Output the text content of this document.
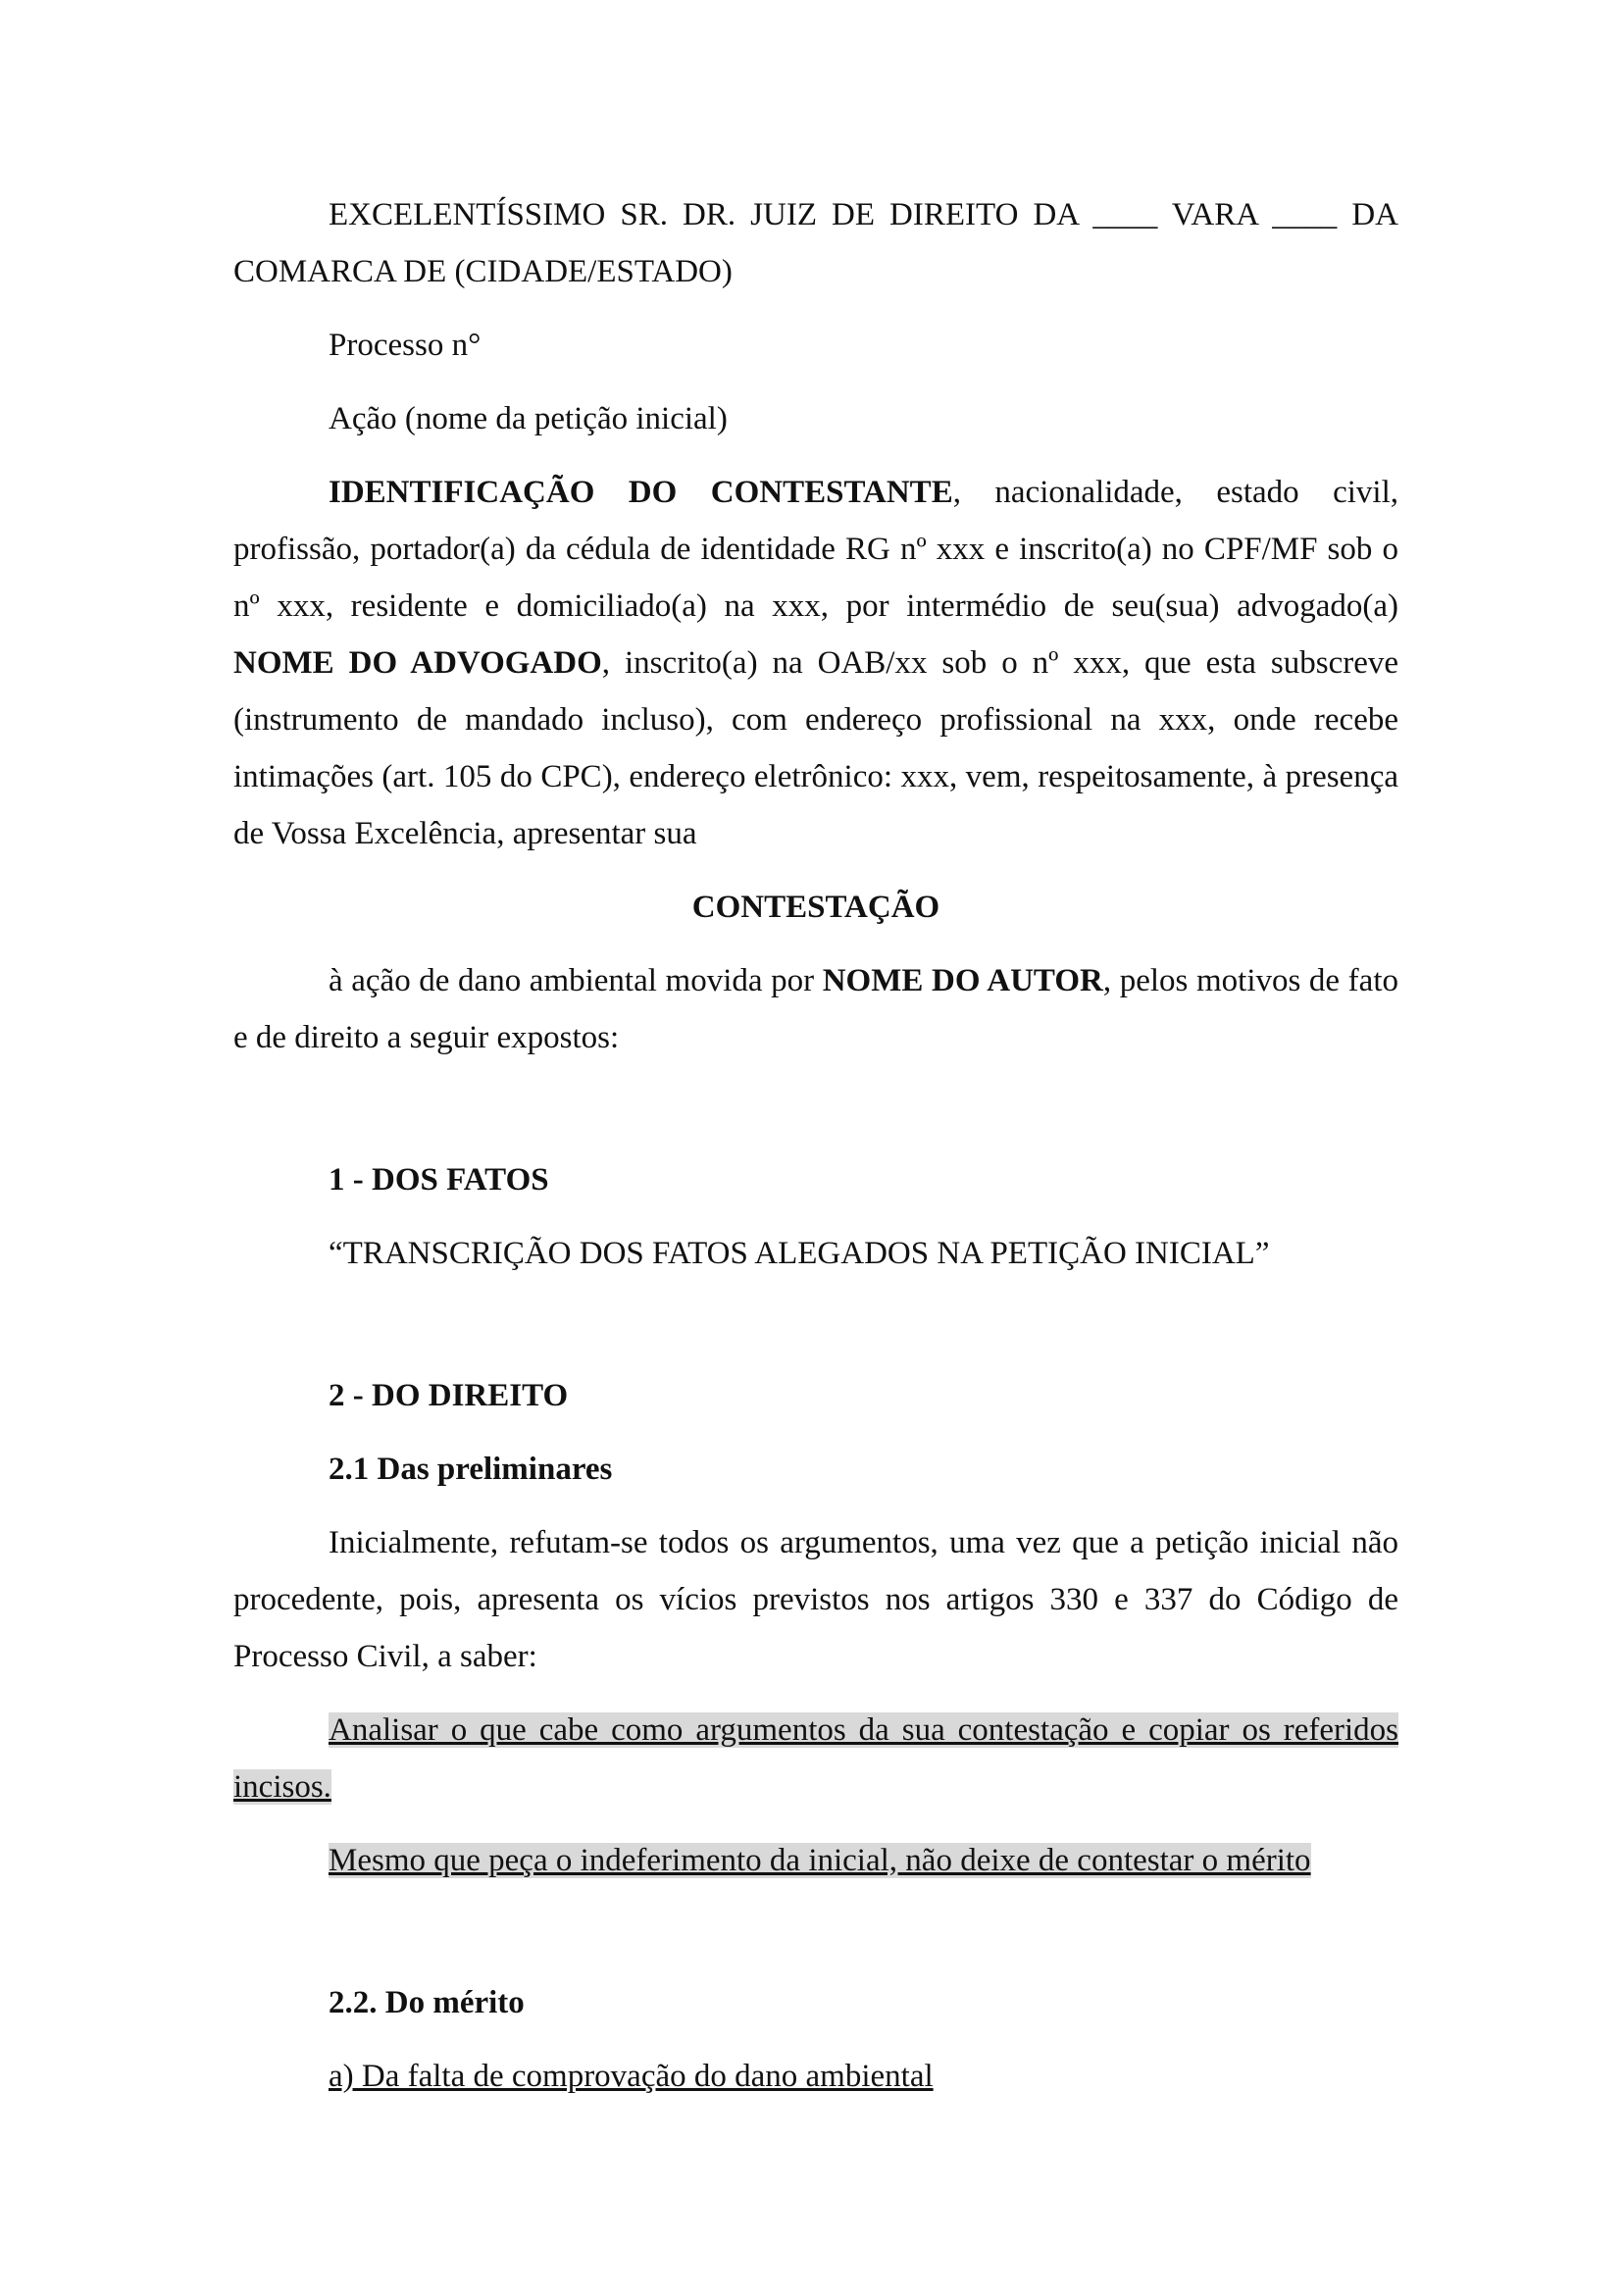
EXCELENTÍSSIMO SR. DR. JUIZ DE DIREITO DA ____ VARA ____ DA COMARCA DE (CIDADE/ESTADO)

Processo n°

Ação (nome da petição inicial)

IDENTIFICAÇÃO DO CONTESTANTE, nacionalidade, estado civil, profissão, portador(a) da cédula de identidade RG nº xxx e inscrito(a) no CPF/MF sob o nº xxx, residente e domiciliado(a) na xxx, por intermédio de seu(sua) advogado(a) NOME DO ADVOGADO, inscrito(a) na OAB/xx sob o nº xxx, que esta subscreve (instrumento de mandado incluso), com endereço profissional na xxx, onde recebe intimações (art. 105 do CPC), endereço eletrônico: xxx, vem, respeitosamente, à presença de Vossa Excelência, apresentar sua

CONTESTAÇÃO

à ação de dano ambiental movida por NOME DO AUTOR, pelos motivos de fato e de direito a seguir expostos:

1 - DOS FATOS

“TRANSCRIÇÃO DOS FATOS ALEGADOS NA PETIÇÃO INICIAL”

2 - DO DIREITO

2.1 Das preliminares

Inicialmente, refutam-se todos os argumentos, uma vez que a petição inicial não procedente, pois, apresenta os vícios previstos nos artigos 330 e 337 do Código de Processo Civil, a saber:

Analisar o que cabe como argumentos da sua contestação e copiar os referidos incisos.

Mesmo que peça o indeferimento da inicial, não deixe de contestar o mérito

2.2. Do mérito

a) Da falta de comprovação do dano ambiental
